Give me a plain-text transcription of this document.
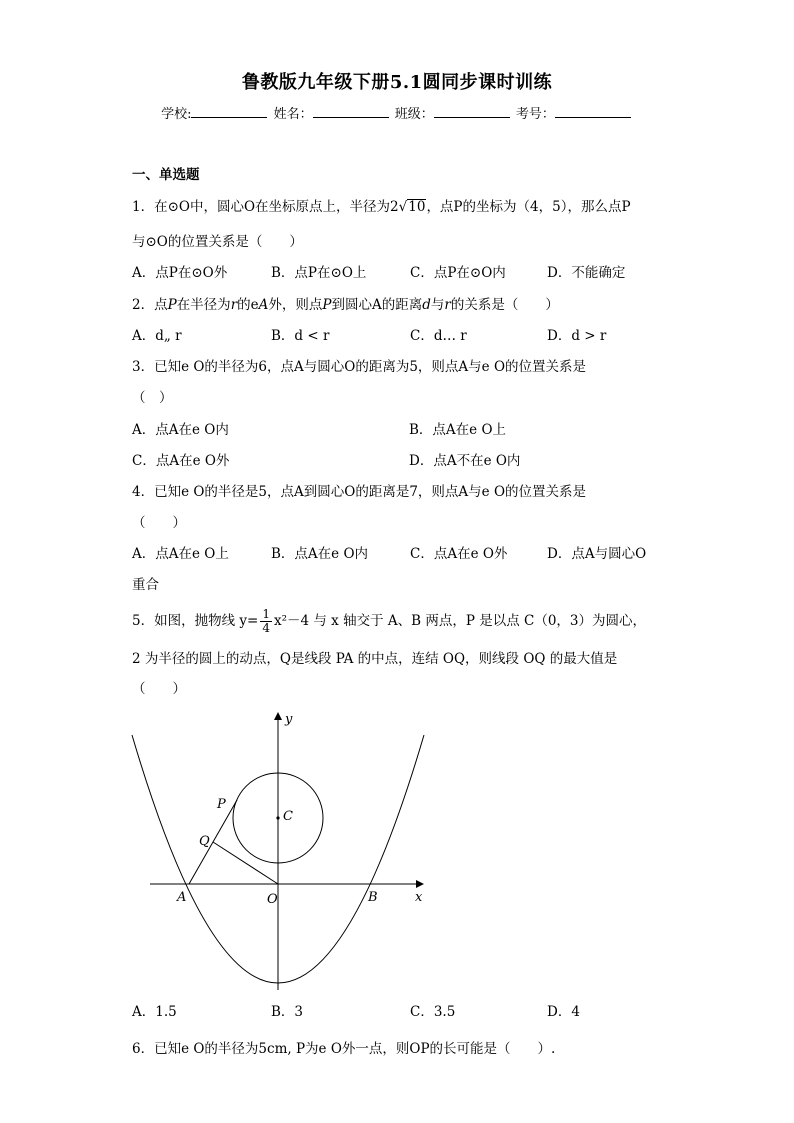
鲁教版九年级下册5.1圆同步课时训练
学校:	姓名：	班级：	考号：
一、单选题
1．在⊙O中，圆心O在坐标原点上，半径为2√10，点P的坐标为（4，5），那么点P
与⊙O的位置关系是（　　）
A．点P在⊙O外	B．点P在⊙O上	C．点P在⊙O内	D．不能确定
2．点P在半径为r的eA外，则点P到圆心A的距离d与r的关系是（　　）
A．d„ r	B．d < r	C．d… r	D．d > r
3．已知e O的半径为6，点A与圆心O的距离为5，则点A与e O的位置关系是
（　）
A．点A在e O内	B．点A在e O上
C．点A在e O外	D．点A不在e O内
4．已知e O的半径是5，点A到圆心O的距离是7，则点A与e O的位置关系是
（　　）
A．点A在e O上	B．点A在e O内	C．点A在e O外	D．点A与圆心O
重合
5．如图，抛物线 $y= \frac{1}{4} x^2-4$ 与 x 轴交于 A、B 两点，P 是以点 C（0，3）为圆心，
2 为半径的圆上的动点，Q是线段 PA 的中点，连结 OQ，则线段 OQ 的最大值是
（　　）
y
x
P
C
Q
A	O	B
A．1.5	B．3	C．3.5	D．4
6．已知e O的半径为5cm, P为e O外一点，则OP的长可能是（　　）.
